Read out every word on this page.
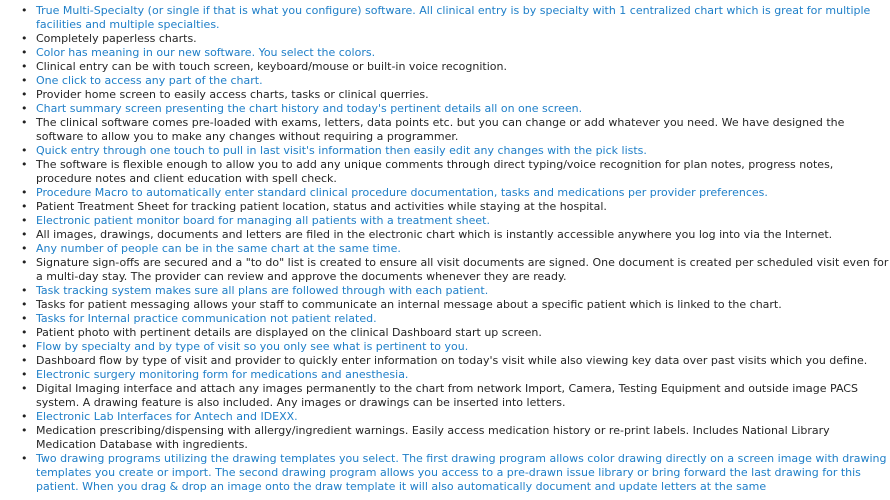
• True Multi-Specialty (or single if that is what you configure) software. All clinical entry is by specialty with 1 centralized chart which is great for multiple facilities and multiple specialties.
• Completely paperless charts.
• Color has meaning in our new software. You select the colors.
• Clinical entry can be with touch screen, keyboard/mouse or built-in voice recognition.
• One click to access any part of the chart.
• Provider home screen to easily access charts, tasks or clinical querries.
• Chart summary screen presenting the chart history and today's pertinent details all on one screen.
• The clinical software comes pre-loaded with exams, letters, data points etc. but you can change or add whatever you need. We have designed the software to allow you to make any changes without requiring a programmer.
• Quick entry through one touch to pull in last visit's information then easily edit any changes with the pick lists.
• The software is flexible enough to allow you to add any unique comments through direct typing/voice recognition for plan notes, progress notes, procedure notes and client education with spell check.
• Procedure Macro to automatically enter standard clinical procedure documentation, tasks and medications per provider preferences.
• Patient Treatment Sheet for tracking patient location, status and activities while staying at the hospital.
• Electronic patient monitor board for managing all patients with a treatment sheet.
• All images, drawings, documents and letters are filed in the electronic chart which is instantly accessible anywhere you log into via the Internet.
• Any number of people can be in the same chart at the same time.
• Signature sign-offs are secured and a "to do" list is created to ensure all visit documents are signed. One document is created per scheduled visit even for a multi-day stay. The provider can review and approve the documents whenever they are ready.
• Task tracking system makes sure all plans are followed through with each patient.
• Tasks for patient messaging allows your staff to communicate an internal message about a specific patient which is linked to the chart.
• Tasks for Internal practice communication not patient related.
• Patient photo with pertinent details are displayed on the clinical Dashboard start up screen.
• Flow by specialty and by type of visit so you only see what is pertinent to you.
• Dashboard flow by type of visit and provider to quickly enter information on today's visit while also viewing key data over past visits which you define.
• Electronic surgery monitoring form for medications and anesthesia.
• Digital Imaging interface and attach any images permanently to the chart from network Import, Camera, Testing Equipment and outside image PACS system. A drawing feature is also included. Any images or drawings can be inserted into letters.
• Electronic Lab Interfaces for Antech and IDEXX.
• Medication prescribing/dispensing with allergy/ingredient warnings. Easily access medication history or re-print labels. Includes National Library Medication Database with ingredients.
• Two drawing programs utilizing the drawing templates you select. The first drawing program allows color drawing directly on a screen image with drawing templates you create or import. The second drawing program allows you access to a pre-drawn issue library or bring forward the last drawing for this patient. When you drag & drop an image onto the draw template it will also automatically document and update letters at the same
